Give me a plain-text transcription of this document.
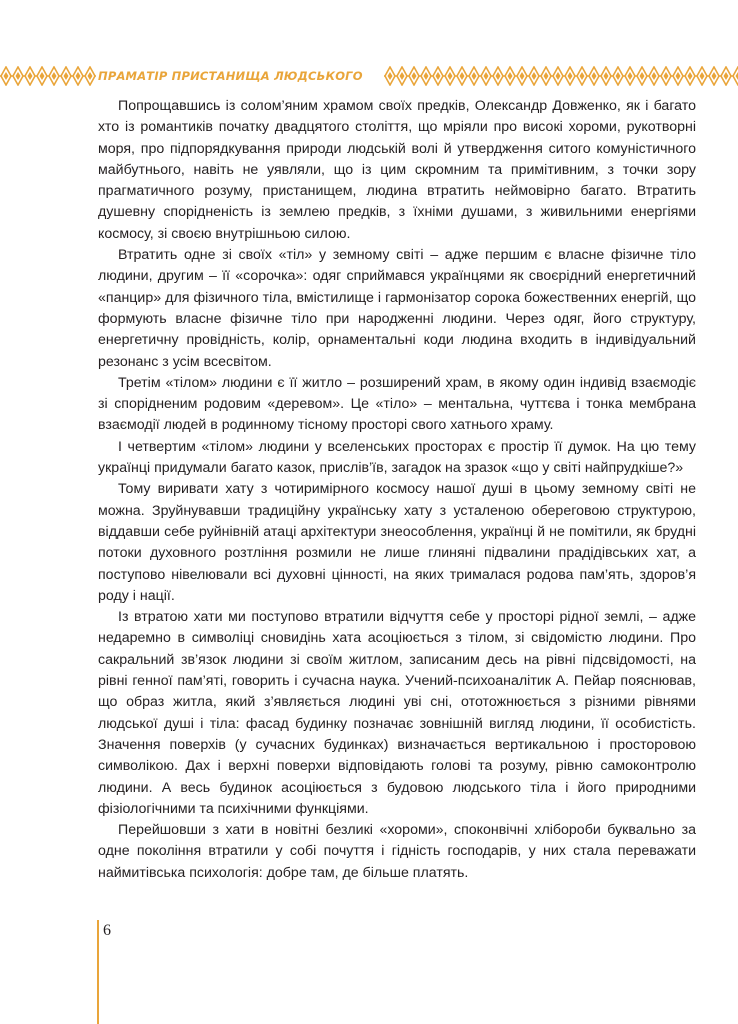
ПРАМАТІР ПРИСТАНИЩА ЛЮДСЬКОГО

Попрощавшись із солом’яним храмом своїх предків, Олександр Довженко, як і багато хто із романтиків початку двадцятого століття, що мріяли про високі хороми, рукотворні моря, про підпорядкування природи людській волі й утвердження ситого комуністичного майбутнього, навіть не уявляли, що із цим скромним та примітивним, з точки зору прагматичного розуму, пристанищем, людина втратить неймовірно багато. Втратить душевну спорідненість із землею предків, з їхніми душами, з живильними енергіями космосу, зі своєю внутрішньою силою.

Втратить одне зі своїх «тіл» у земному світі – адже першим є власне фізичне тіло людини, другим – її «сорочка»: одяг сприймався українцями як своєрідний енергетичний «панцир» для фізичного тіла, вмістилище і гармонізатор сорока божественних енергій, що формують власне фізичне тіло при народженні людини. Через одяг, його структуру, енергетичну провідність, колір, орнаментальні коди людина входить в індивідуальний резонанс з усім всесвітом.

Третім «тілом» людини є її житло – розширений храм, в якому один індивід взаємодіє зі спорідненим родовим «деревом». Це «тіло» – ментальна, чуттєва і тонка мембрана взаємодії людей в родинному тісному просторі свого хатнього храму.

І четвертим «тілом» людини у вселенських просторах є простір її думок. На цю тему українці придумали багато казок, прислів’їв, загадок на зразок «що у світі найпрудкіше?»

Тому виривати хату з чотиримірного космосу нашої душі в цьому земному світі не можна. Зруйнувавши традиційну українську хату з усталеною обереговою структурою, віддавши себе руйнівній атаці архітектури знеособлення, українці й не помітили, як брудні потоки духовного розтління розмили не лише глиняні підвалини прадідівських хат, а поступово нівелювали всі духовні цінності, на яких трималася родова пам’ять, здоров’я роду і нації.

Із втратою хати ми поступово втратили відчуття себе у просторі рідної землі, – адже недаремно в символіці сновидінь хата асоціюється з тілом, зі свідомістю людини. Про сакральний зв’язок людини зі своїм житлом, записаним десь на рівні підсвідомості, на рівні генної пам’яті, говорить і сучасна наука. Учений-психоаналітик А. Пейар пояснював, що образ житла, який з’являється людині уві сні, ототожнюється з різними рівнями людської душі і тіла: фасад будинку позначає зовнішній вигляд людини, її особистість. Значення поверхів (у сучасних будинках) визначається вертикальною і просторовою символікою. Дах і верхні поверхи відповідають голові та розуму, рівню самоконтролю людини. А весь будинок асоціюється з будовою людського тіла і його природними фізіологічними та психічними функціями.

Перейшовши з хати в новітні безликі «хороми», споконвічні хлібороби буквально за одне покоління втратили у собі почуття і гідність господарів, у них стала переважати наймитівська психологія: добре там, де більше платять.

6
